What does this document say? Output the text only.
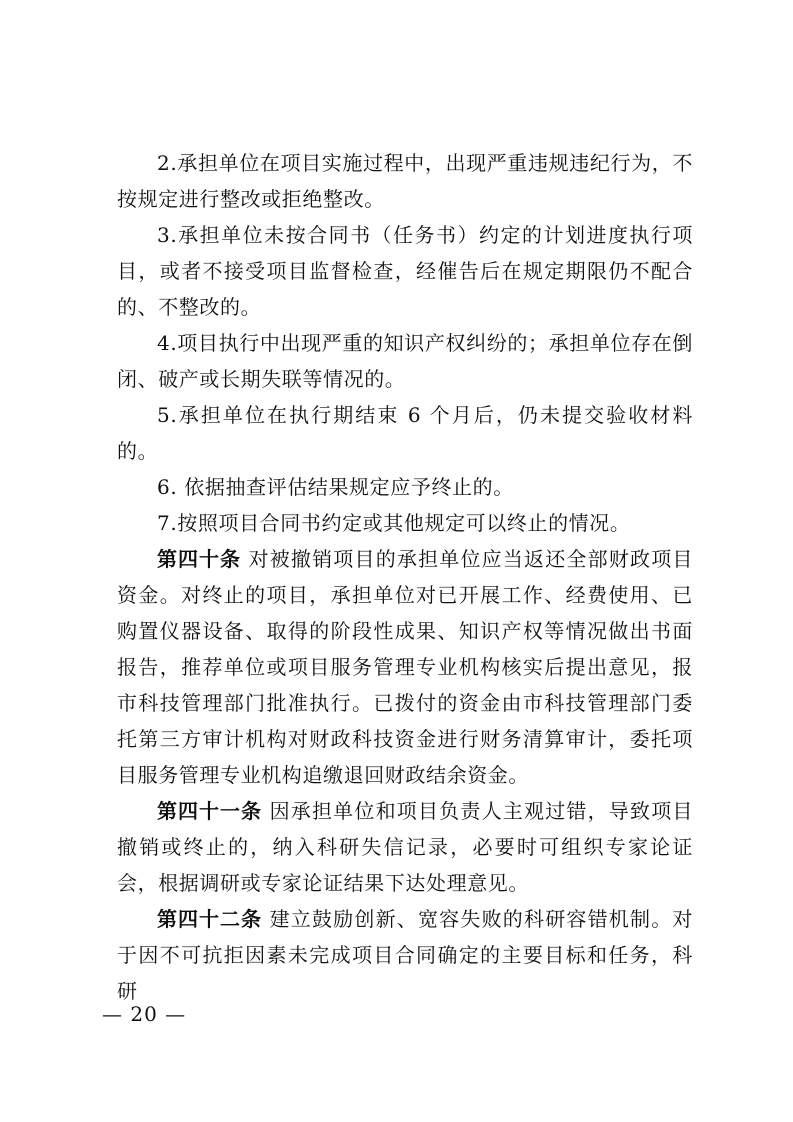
2.承担单位在项目实施过程中，出现严重违规违纪行为，不按规定进行整改或拒绝整改。

3.承担单位未按合同书（任务书）约定的计划进度执行项目，或者不接受项目监督检查，经催告后在规定期限仍不配合的、不整改的。

4.项目执行中出现严重的知识产权纠纷的；承担单位存在倒闭、破产或长期失联等情况的。

5.承担单位在执行期结束 6 个月后，仍未提交验收材料的。

6. 依据抽查评估结果规定应予终止的。

7.按照项目合同书约定或其他规定可以终止的情况。

第四十条 对被撤销项目的承担单位应当返还全部财政项目资金。对终止的项目，承担单位对已开展工作、经费使用、已购置仪器设备、取得的阶段性成果、知识产权等情况做出书面报告，推荐单位或项目服务管理专业机构核实后提出意见，报市科技管理部门批准执行。已拨付的资金由市科技管理部门委托第三方审计机构对财政科技资金进行财务清算审计，委托项目服务管理专业机构追缴退回财政结余资金。

第四十一条 因承担单位和项目负责人主观过错，导致项目撤销或终止的，纳入科研失信记录，必要时可组织专家论证会，根据调研或专家论证结果下达处理意见。

第四十二条 建立鼓励创新、宽容失败的科研容错机制。对于因不可抗拒因素未完成项目合同确定的主要目标和任务，科研

— 20 —
